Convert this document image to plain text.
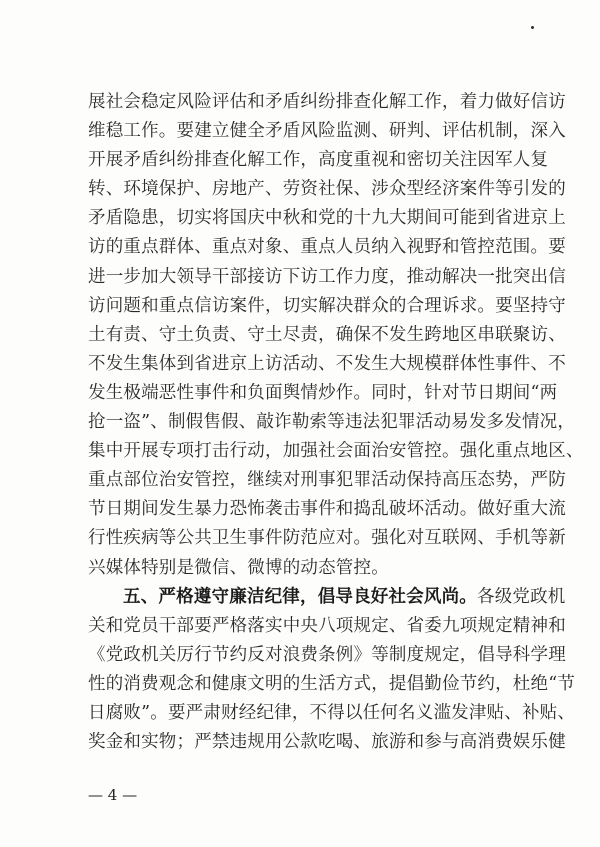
展社会稳定风险评估和矛盾纠纷排查化解工作，着力做好信访
维稳工作。要建立健全矛盾风险监测、研判、评估机制，深入
开展矛盾纠纷排查化解工作，高度重视和密切关注因军人复
转、环境保护、房地产、劳资社保、涉众型经济案件等引发的
矛盾隐患，切实将国庆中秋和党的十九大期间可能到省进京上
访的重点群体、重点对象、重点人员纳入视野和管控范围。要
进一步加大领导干部接访下访工作力度，推动解决一批突出信
访问题和重点信访案件，切实解决群众的合理诉求。要坚持守
土有责、守土负责、守土尽责，确保不发生跨地区串联聚访、
不发生集体到省进京上访活动、不发生大规模群体性事件、不
发生极端恶性事件和负面舆情炒作。同时，针对节日期间“两
抢一盗”、制假售假、敲诈勒索等违法犯罪活动易发多发情况，
集中开展专项打击行动，加强社会面治安管控。强化重点地区、
重点部位治安管控，继续对刑事犯罪活动保持高压态势，严防
节日期间发生暴力恐怖袭击事件和捣乱破坏活动。做好重大流
行性疾病等公共卫生事件防范应对。强化对互联网、手机等新
兴媒体特别是微信、微博的动态管控。
五、严格遵守廉洁纪律，倡导良好社会风尚。各级党政机
关和党员干部要严格落实中央八项规定、省委九项规定精神和
《党政机关厉行节约反对浪费条例》等制度规定，倡导科学理
性的消费观念和健康文明的生活方式，提倡勤俭节约，杜绝“节
日腐败”。要严肃财经纪律，不得以任何名义滥发津贴、补贴、
奖金和实物；严禁违规用公款吃喝、旅游和参与高消费娱乐健
— 4 —
